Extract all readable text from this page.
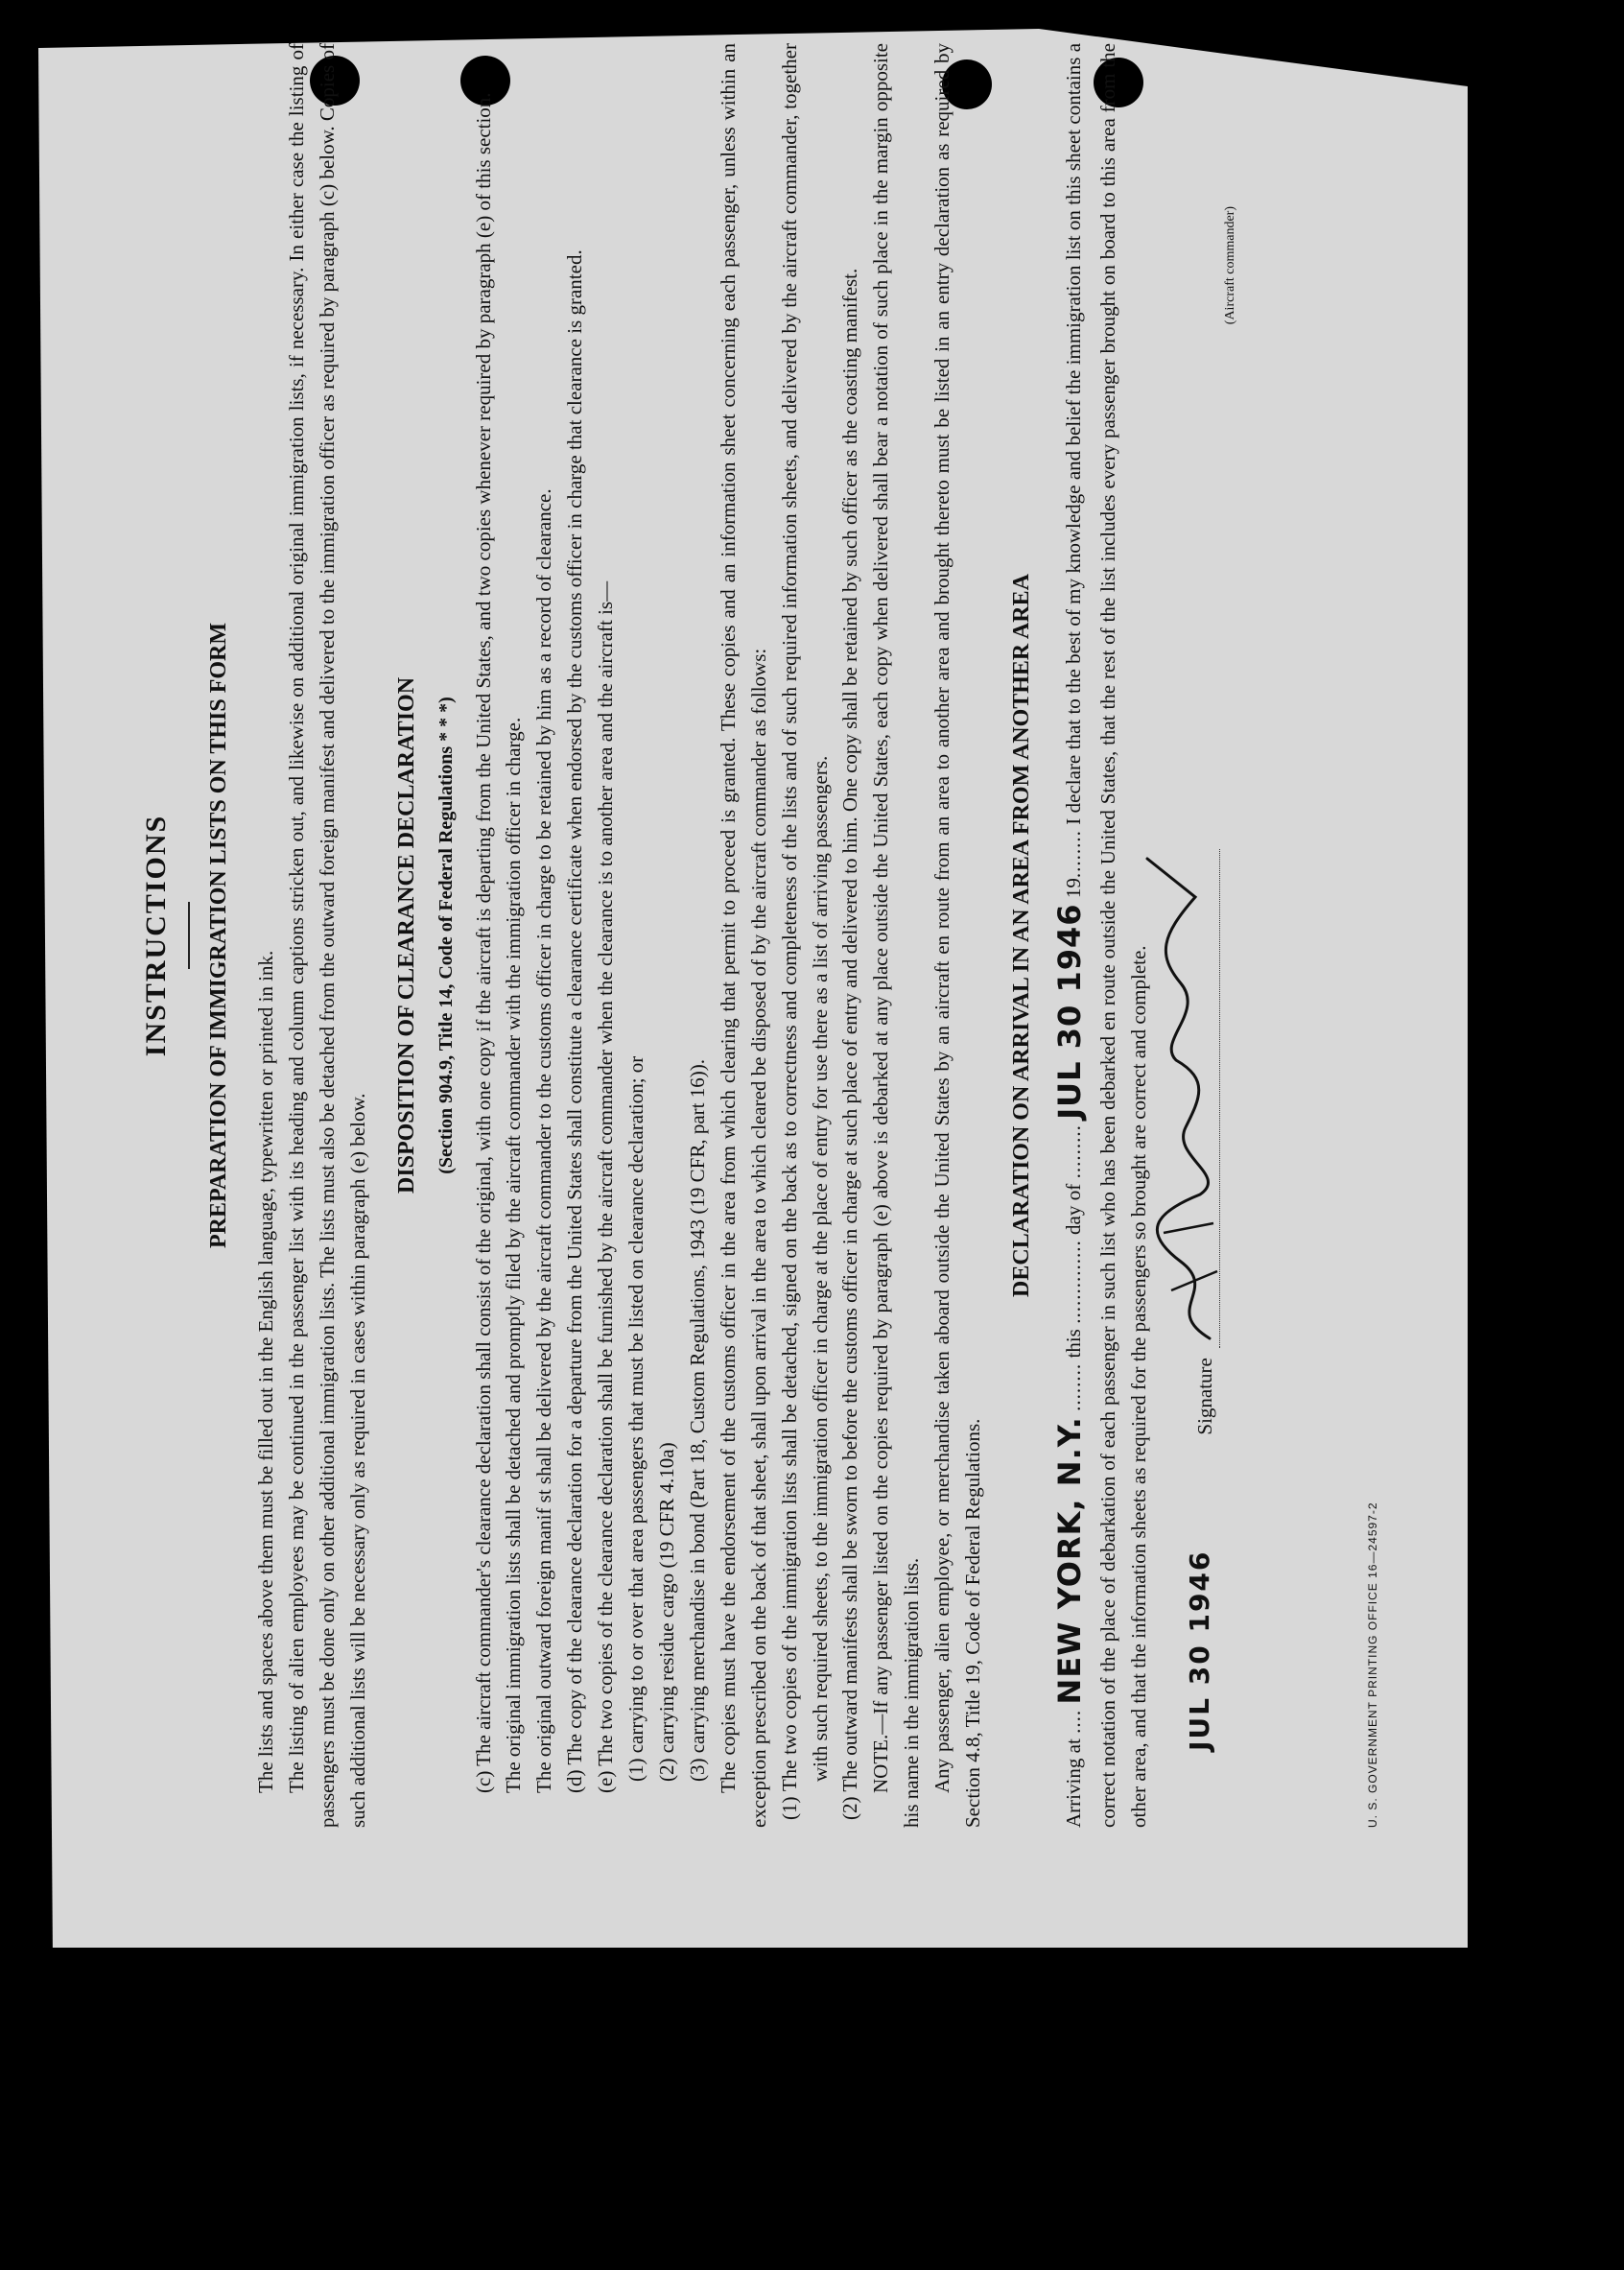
INSTRUCTIONS PREPARATION OF IMMIGRATION LISTS ON THIS FORM

The lists and spaces above them must be filled out in the English language, typewritten or printed in ink. The listing of alien employees may be continued in the passenger list with its heading and column captions stricken out, and likewise on additional original immigration lists, if necessary. In either case the listing of passengers must be done only on other additional immigration lists. The lists must also be detached from the outward foreign manifest and delivered to the immigration officer as required by paragraph (c) below. Copies of such additional lists will be necessary only as required in cases within paragraph (e) below.

DISPOSITION OF CLEARANCE DECLARATION (Section 904.9, Title 14, Code of Federal Regulations * * *) (c) The aircraft commander's clearance declaration shall consist of the original, with one copy if the aircraft is departing from the United States, and two copies whenever required by paragraph (e) of this section. The original immigration lists shall be detached and promptly filed by the aircraft commander with the immigration officer in charge. The original outward foreign manif st shall be delivered by the aircraft commander to the customs officer in charge to be retained by him as a record of clearance. (d) The copy of the clearance declaration for a departure from the United States shall constitute a clearance certificate when endorsed by the customs officer in charge that clearance is granted. (e) The two copies of the clearance declaration shall be furnished by the aircraft commander when the clearance is to another area and the aircraft is— (1) carrying to or over that area passengers that must be listed on clearance declaration; or (2) carrying residue cargo (19 CFR 4.10a) (3) carrying merchandise in bond (Part 18, Custom Regulations, 1943 (19 CFR, part 16)). The copies must have the endorsement of the customs officer in the area from which clearing that permit to proceed is granted. These copies and an information sheet concerning each passenger, unless within an exception prescribed on the back of that sheet, shall upon arrival in the area to which cleared be disposed of by the aircraft commander as follows: (1) The two copies of the immigration lists shall be detached, signed on the back as to correctness and completeness of the lists and of such required information sheets, and delivered by the aircraft commander, together with such required sheets, to the immigration officer in charge at the place of entry for use there as a list of arriving passengers. (2) The outward manifests shall be sworn to before the customs officer in charge at such place of entry and delivered to him. One copy shall be retained by such officer as the coasting manifest. NOTE.—If any passenger listed on the copies required by paragraph (e) above is debarked at any place outside the United States, each copy when delivered shall bear a notation of such place in the margin opposite his name in the immigration lists. Any passenger, alien employee, or merchandise taken aboard outside the United States by an aircraft en route from an area to another area and brought thereto must be listed in an entry declaration as required by Section 4.8, Title 19, Code of Federal Regulations.

DECLARATION ON ARRIVAL IN AN AREA FROM ANOTHER AREA

Arriving at .... NEW YORK, N.Y. ........ this .............. day of ......... JUL 30 1946 19........ I declare that to the best of my knowledge and belief the immigration list on this sheet contains a correct notation of the place of debarkation of each passenger in such list who has been debarked en route outside the United States, that the rest of the list includes every passenger brought on board to this area from the other area, and that the information sheets as required for the passengers so brought are correct and complete. JUL 30 1946
Signature
(Aircraft commander)
U. S. GOVERNMENT PRINTING OFFICE 16—24597-2
